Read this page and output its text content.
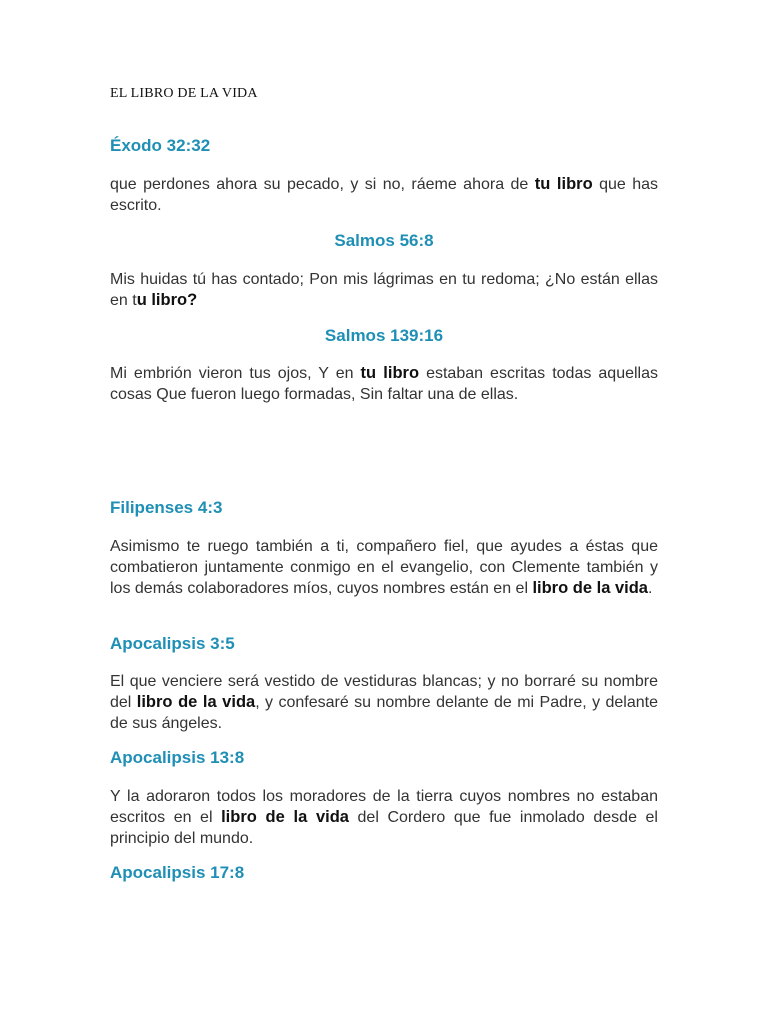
EL LIBRO DE LA VIDA
Éxodo 32:32
que perdones ahora su pecado, y si no, ráeme ahora de tu libro que has escrito.
Salmos 56:8
Mis huidas tú has contado; Pon mis lágrimas en tu redoma; ¿No están ellas en tu libro?
Salmos 139:16
Mi embrión vieron tus ojos, Y en tu libro estaban escritas todas aquellas cosas Que fueron luego formadas, Sin faltar una de ellas.
Filipenses 4:3
Asimismo te ruego también a ti, compañero fiel, que ayudes a éstas que combatieron juntamente conmigo en el evangelio, con Clemente también y los demás colaboradores míos, cuyos nombres están en el libro de la vida.
Apocalipsis 3:5
El que venciere será vestido de vestiduras blancas; y no borraré su nombre del libro de la vida, y confesaré su nombre delante de mi Padre, y delante de sus ángeles.
Apocalipsis 13:8
Y la adoraron todos los moradores de la tierra cuyos nombres no estaban escritos en el libro de la vida del Cordero que fue inmolado desde el principio del mundo.
Apocalipsis 17:8
